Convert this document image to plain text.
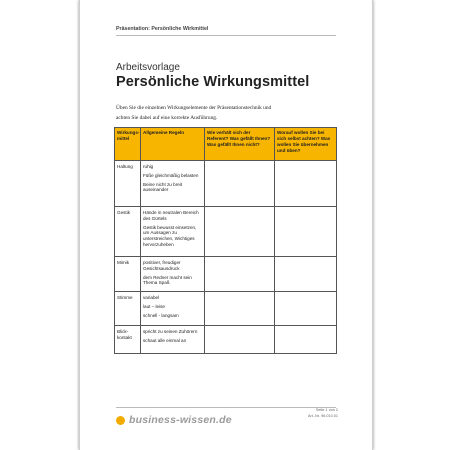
Präsentation: Persönliche Wirkmittel
Arbeitsvorlage
Persönliche Wirkungsmittel
Üben Sie die einzelnen Wirkungselemente der Präsentationstechnik und
achten Sie dabei auf eine korrekte Ausführung.
Wirkungs-mittel	Allgemeine Regeln	Wie verhält sich der Referent? Was gefällt Ihnen? Was gefällt Ihnen nicht?	Worauf wollen Sie bei sich selbst achten? Was wollen Sie übernehmen und üben?
Haltung	ruhig
Füße gleichmäßig belasten
Beine nicht zu breit auseinander		

Gestik	Hände in neutralen Bereich des Gürtels
Gestik bewusst einsetzen, um Aussagen zu unterstreichen, Wichtiges hervorzuheben		

Mimik	positiver, freudiger Gesichtsausdruck
dem Redner macht sein Thema Spaß		

Stimme	variabel
laut – leise
schnell - langsam		

Blick-kontakt	spricht zu seinen Zuhörern
schaut alle einmal an		

Seite 1 von 2
Art.-Nr. 96.010.01
business-wissen.de
